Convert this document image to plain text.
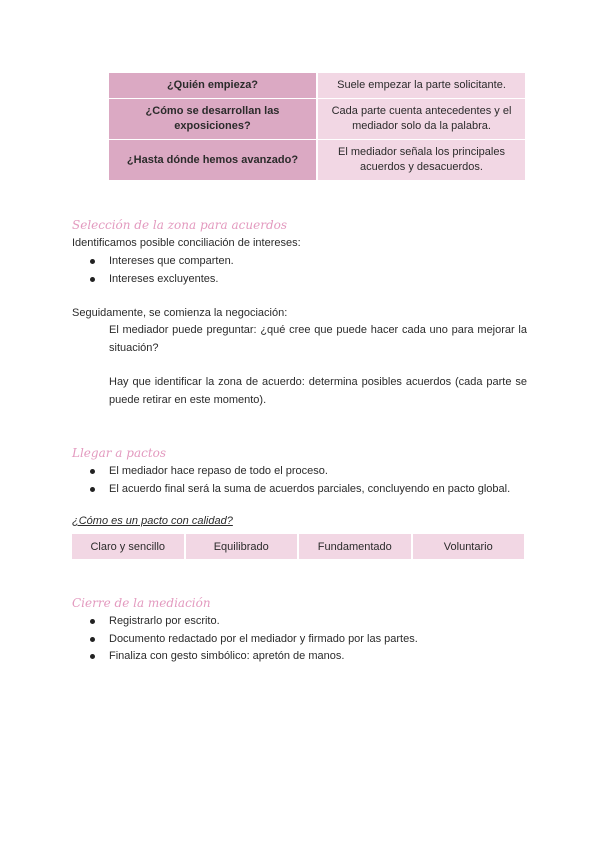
¿Quién empieza?	Suele empezar la parte solicitante.
¿Cómo se desarrollan las exposiciones?	Cada parte cuenta antecedentes y el mediador solo da la palabra.
¿Hasta dónde hemos avanzado?	El mediador señala los principales acuerdos y desacuerdos.
Selección de la zona para acuerdos

Identificamos posible conciliación de intereses:

Intereses que comparten.
Intereses excluyentes.

Seguidamente, se comienza la negociación:

El mediador puede preguntar: ¿qué cree que puede hacer cada uno para mejorar la situación?

Hay que identificar la zona de acuerdo: determina posibles acuerdos (cada parte se puede retirar en este momento).

Llegar a pactos
El mediador hace repaso de todo el proceso.
El acuerdo final será la suma de acuerdos parciales, concluyendo en pacto global.
¿Cómo es un pacto con calidad?
Claro y sencillo	Equilibrado	Fundamentado	Voluntario
Cierre de la mediación
Registrarlo por escrito.
Documento redactado por el mediador y firmado por las partes.
Finaliza con gesto simbólico: apretón de manos.
